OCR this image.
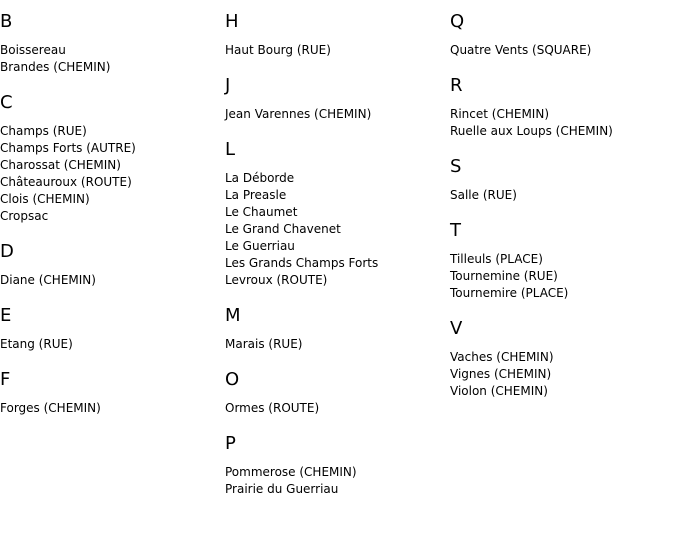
B
Boissereau
Brandes (CHEMIN)
C
Champs (RUE)
Champs Forts (AUTRE)
Charossat (CHEMIN)
Châteauroux (ROUTE)
Clois (CHEMIN)
Cropsac
D
Diane (CHEMIN)
E
Etang (RUE)
F
Forges (CHEMIN)
H
Haut Bourg (RUE)
J
Jean Varennes (CHEMIN)
L
La Déborde
La Preasle
Le Chaumet
Le Grand Chavenet
Le Guerriau
Les Grands Champs Forts
Levroux (ROUTE)
M
Marais (RUE)
O
Ormes (ROUTE)
P
Pommerose (CHEMIN)
Prairie du Guerriau
Q
Quatre Vents (SQUARE)
R
Rincet (CHEMIN)
Ruelle aux Loups (CHEMIN)
S
Salle (RUE)
T
Tilleuls (PLACE)
Tournemine (RUE)
Tournemire (PLACE)
V
Vaches (CHEMIN)
Vignes (CHEMIN)
Violon (CHEMIN)
